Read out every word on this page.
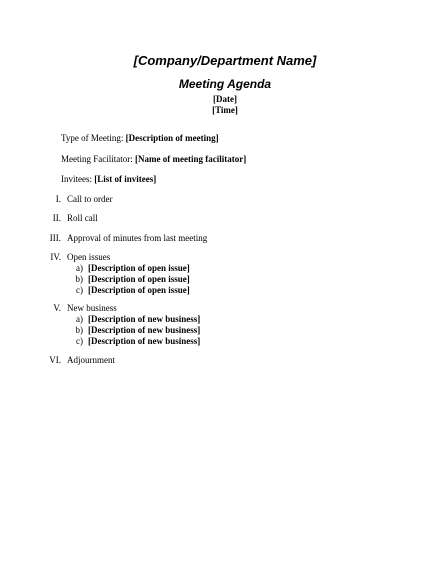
[Company/Department Name]
Meeting Agenda
[Date]
[Time]
Type of Meeting: [Description of meeting]
Meeting Facilitator: [Name of meeting facilitator]
Invitees: [List of invitees]
I. Call to order
II. Roll call
III. Approval of minutes from last meeting
IV. Open issues
a) [Description of open issue]
b) [Description of open issue]
c) [Description of open issue]
V. New business
a) [Description of new business]
b) [Description of new business]
c) [Description of new business]
VI. Adjournment
